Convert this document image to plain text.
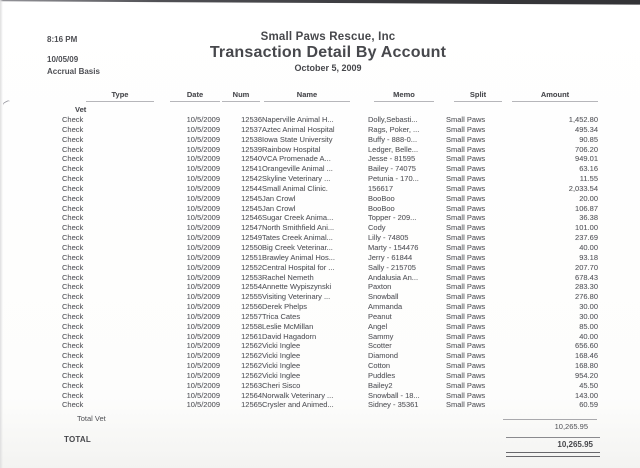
8:16 PM
10/05/09
Accrual Basis
Small Paws Rescue, Inc
Transaction Detail By Account
October 5, 2009
Type	Date	Num	Name	Memo	Split	Amount

Vet						
Check	10/5/2009	12536	Naperville Animal H...	Dolly,Sebasti...	Small Paws	1,452.80
Check	10/5/2009	12537	Aztec Animal Hospital	Rags, Poker, ...	Small Paws	495.34
Check	10/5/2009	12538	Iowa State University	Buffy - 888-0...	Small Paws	90.85
Check	10/5/2009	12539	Rainbow Hospital	Ledger, Belle...	Small Paws	706.20
Check	10/5/2009	12540	VCA Promenade A...	Jesse - 81595	Small Paws	949.01
Check	10/5/2009	12541	Orangeville Animal ...	Bailey - 74075	Small Paws	63.16
Check	10/5/2009	12542	Skyline Veterinary ...	Petunia - 170...	Small Paws	11.55
Check	10/5/2009	12544	Small Animal Clinic.	156617	Small Paws	2,033.54
Check	10/5/2009	12545	Jan Crowl	BooBoo	Small Paws	20.00
Check	10/5/2009	12545	Jan Crowl	BooBoo	Small Paws	106.87
Check	10/5/2009	12546	Sugar Creek Anima...	Topper - 209...	Small Paws	36.38
Check	10/5/2009	12547	North Smithfield Ani...	Cody	Small Paws	101.00
Check	10/5/2009	12549	Tates Creek Animal...	Lilly - 74805	Small Paws	237.69
Check	10/5/2009	12550	Big Creek Veterinar...	Marty - 154476	Small Paws	40.00
Check	10/5/2009	12551	Brawley Animal Hos...	Jerry - 61844	Small Paws	93.18
Check	10/5/2009	12552	Central Hospital for ...	Sally - 215705	Small Paws	207.70
Check	10/5/2009	12553	Rachel Nemeth	Andalusia An...	Small Paws	678.43
Check	10/5/2009	12554	Annette Wypiszynski	Paxton	Small Paws	283.30
Check	10/5/2009	12555	Visiting Veterinary ...	Snowball	Small Paws	276.80
Check	10/5/2009	12556	Derek Phelps	Ammanda	Small Paws	30.00
Check	10/5/2009	12557	Trica Cates	Peanut	Small Paws	30.00
Check	10/5/2009	12558	Leslie McMillan	Angel	Small Paws	85.00
Check	10/5/2009	12561	David Hagadorn	Sammy	Small Paws	40.00
Check	10/5/2009	12562	Vicki Inglee	Scotter	Small Paws	656.60
Check	10/5/2009	12562	Vicki Inglee	Diamond	Small Paws	168.46
Check	10/5/2009	12562	Vicki Inglee	Cotton	Small Paws	168.80
Check	10/5/2009	12562	Vicki Inglee	Puddles	Small Paws	954.20
Check	10/5/2009	12563	Cheri Sisco	Bailey2	Small Paws	45.50
Check	10/5/2009	12564	Norwalk Veterinary ...	Snowball - 18...	Small Paws	143.00
Check	10/5/2009	12565	Crysler and Animed...	Sidney - 35361	Small Paws	60.59
Total Vet
10,265.95
TOTAL
10,265.95
